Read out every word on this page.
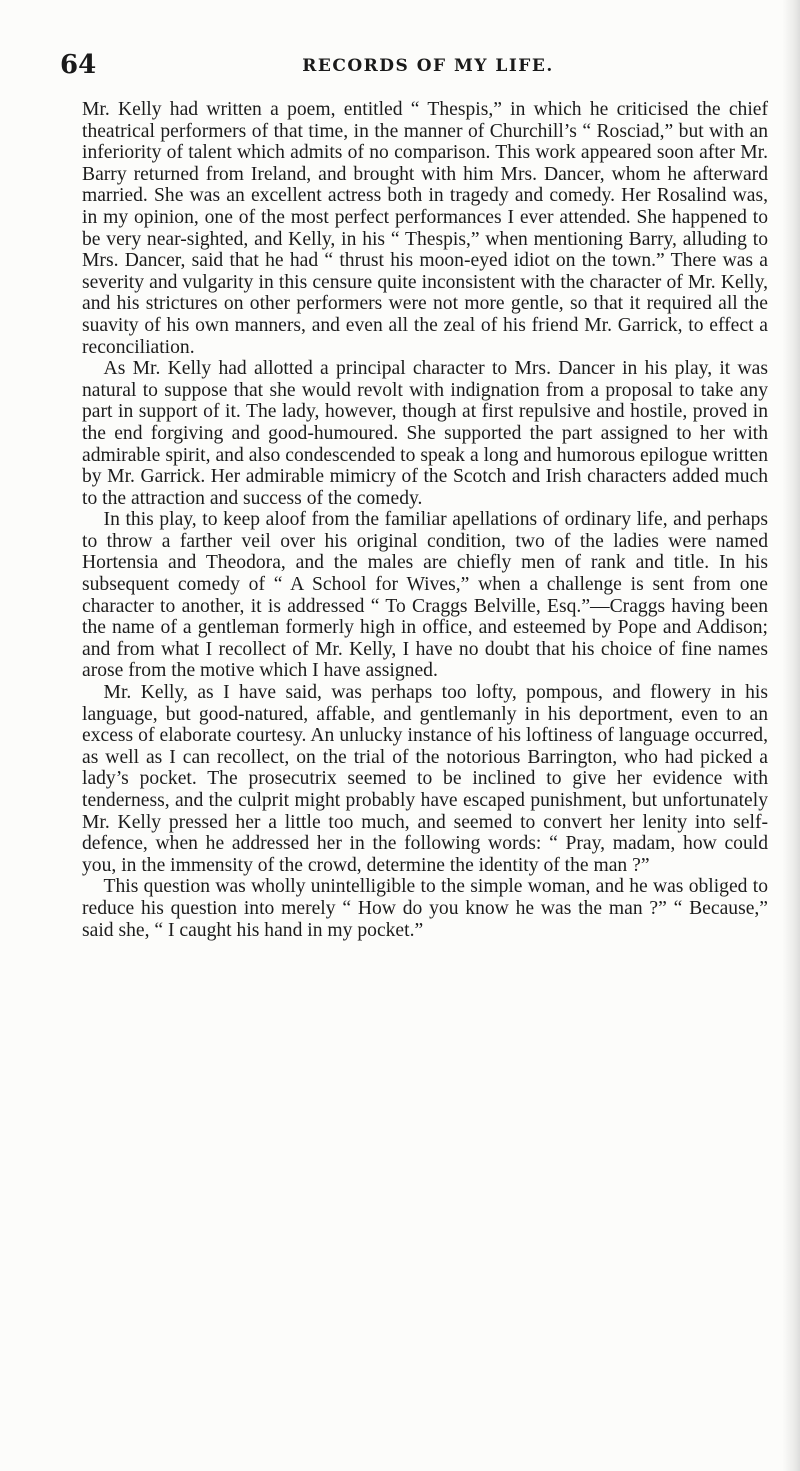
64	RECORDS OF MY LIFE.

Mr. Kelly had written a poem, entitled “ Thespis,” in which he criticised the chief theatrical performers of that time, in the manner of Churchill’s “ Rosciad,” but with an inferiority of talent which admits of no comparison. This work appeared soon after Mr. Barry returned from Ireland, and brought with him Mrs. Dancer, whom he afterward married. She was an excellent actress both in tragedy and comedy. Her Rosalind was, in my opinion, one of the most perfect performances I ever attended. She happened to be very near-sighted, and Kelly, in his “ Thespis,” when mentioning Barry, alluding to Mrs. Dancer, said that he had “ thrust his moon-eyed idiot on the town.” There was a severity and vulgarity in this censure quite inconsistent with the character of Mr. Kelly, and his strictures on other performers were not more gentle, so that it required all the suavity of his own manners, and even all the zeal of his friend Mr. Garrick, to effect a reconciliation.

As Mr. Kelly had allotted a principal character to Mrs. Dancer in his play, it was natural to suppose that she would revolt with indignation from a proposal to take any part in support of it. The lady, however, though at first repulsive and hostile, proved in the end forgiving and good-humoured. She supported the part assigned to her with admirable spirit, and also condescended to speak a long and humorous epilogue written by Mr. Garrick. Her admirable mimicry of the Scotch and Irish characters added much to the attraction and success of the comedy.

In this play, to keep aloof from the familiar apellations of ordinary life, and perhaps to throw a farther veil over his original condition, two of the ladies were named Hortensia and Theodora, and the males are chiefly men of rank and title. In his subsequent comedy of “ A School for Wives,” when a challenge is sent from one character to another, it is addressed “ To Craggs Belville, Esq.”—Craggs having been the name of a gentleman formerly high in office, and esteemed by Pope and Addison; and from what I recollect of Mr. Kelly, I have no doubt that his choice of fine names arose from the motive which I have assigned.

Mr. Kelly, as I have said, was perhaps too lofty, pompous, and flowery in his language, but good-natured, affable, and gentlemanly in his deportment, even to an excess of elaborate courtesy. An unlucky instance of his loftiness of language occurred, as well as I can recollect, on the trial of the notorious Barrington, who had picked a lady’s pocket. The prosecutrix seemed to be inclined to give her evidence with tenderness, and the culprit might probably have escaped punishment, but unfortunately Mr. Kelly pressed her a little too much, and seemed to convert her lenity into self-defence, when he addressed her in the following words: “ Pray, madam, how could you, in the immensity of the crowd, determine the identity of the man ?”

This question was wholly unintelligible to the simple woman, and he was obliged to reduce his question into merely “ How do you know he was the man ?” “ Because,” said she, “ I caught his hand in my pocket.”
